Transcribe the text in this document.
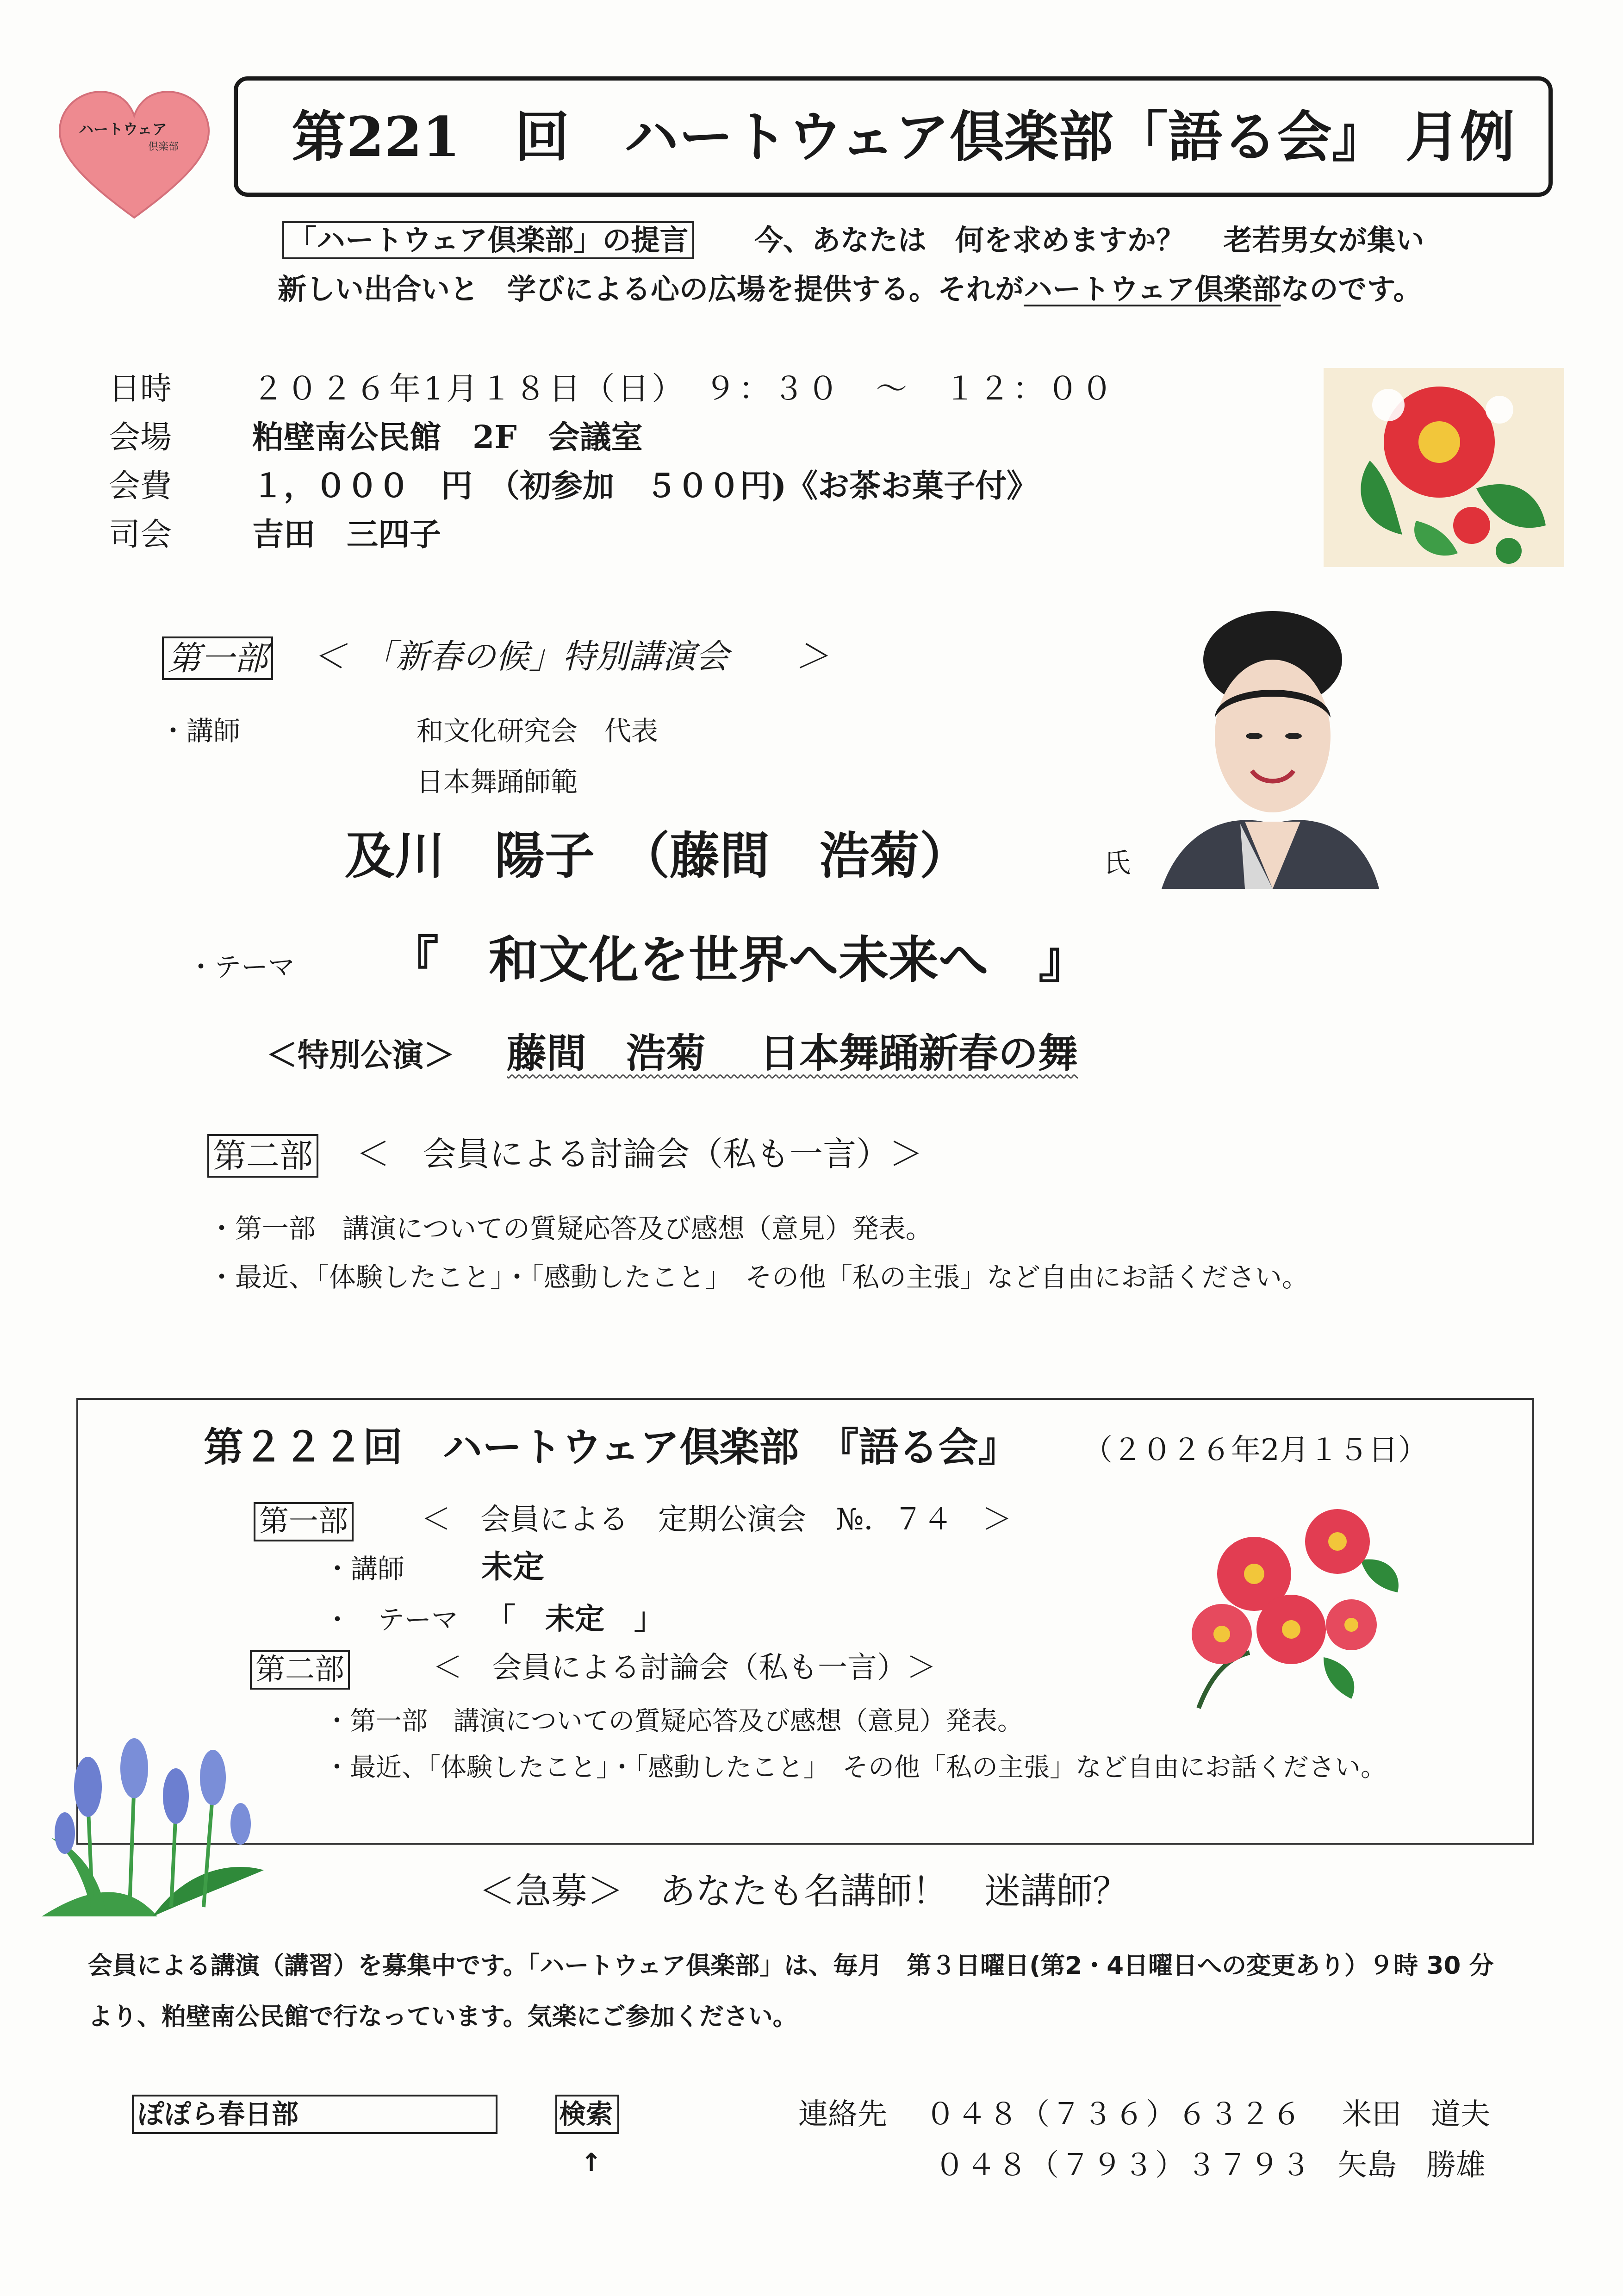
ハートウェア
倶楽部 第221　回　ハートウェア倶楽部「語る会』 月例
「ハートウェア倶楽部」の提言 今、あなたは　何を求めますか？　 老若男女が集い
新しい出合いと　学びによる心の広場を提供する。それがハートウェア倶楽部なのです。
日時	２０２６年1月１８日（日）　９：３０　～　１２：００
会場	粕壁南公民館　2F　会議室
会費	１，０００　円　（初参加　５００円)《お茶お菓子付》
司会	吉田　三四子
第一部 ＜　「新春の候」特別講演会　　＞
・講師	和文化研究会　代表
日本舞踊師範
及川　陽子　（藤間　浩菊）	氏
・テーマ 『　和文化を世界へ未来へ　』
＜特別公演＞ 藤間　浩菊　 日本舞踊新春の舞
第二部 ＜　会員による討論会（私も一言）＞
・第一部　講演についての質疑応答及び感想（意見）発表。
・最近、「体験したこと」・「感動したこと」　その他「私の主張」など自由にお話ください。
第２２２回　ハートウェア倶楽部　『語る会』 （２０２６年2月１５日）
第一部 ＜　会員による　定期公演会　№．７４　＞
・講師 未定
・　テーマ 「　未定　」
第二部	＜　会員による討論会（私も一言）＞
・第一部　講演についての質疑応答及び感想（意見）発表。
・最近、「体験したこと」・「感動したこと」　その他「私の主張」など自由にお話ください。
＜急募＞　あなたも名講師！　迷講師？
会員による講演（講習）を募集中です。「ハートウェア倶楽部」は、毎月　第３日曜日(第2・4日曜日への変更あり）９時 30 分
より、粕壁南公民館で行なっています。気楽にご参加ください。
ぽぽら春日部	検索
↑
連絡先 ０４８（７３６）６３２６ 米田　道夫
０４８（７９３）３７９３ 矢島　勝雄
